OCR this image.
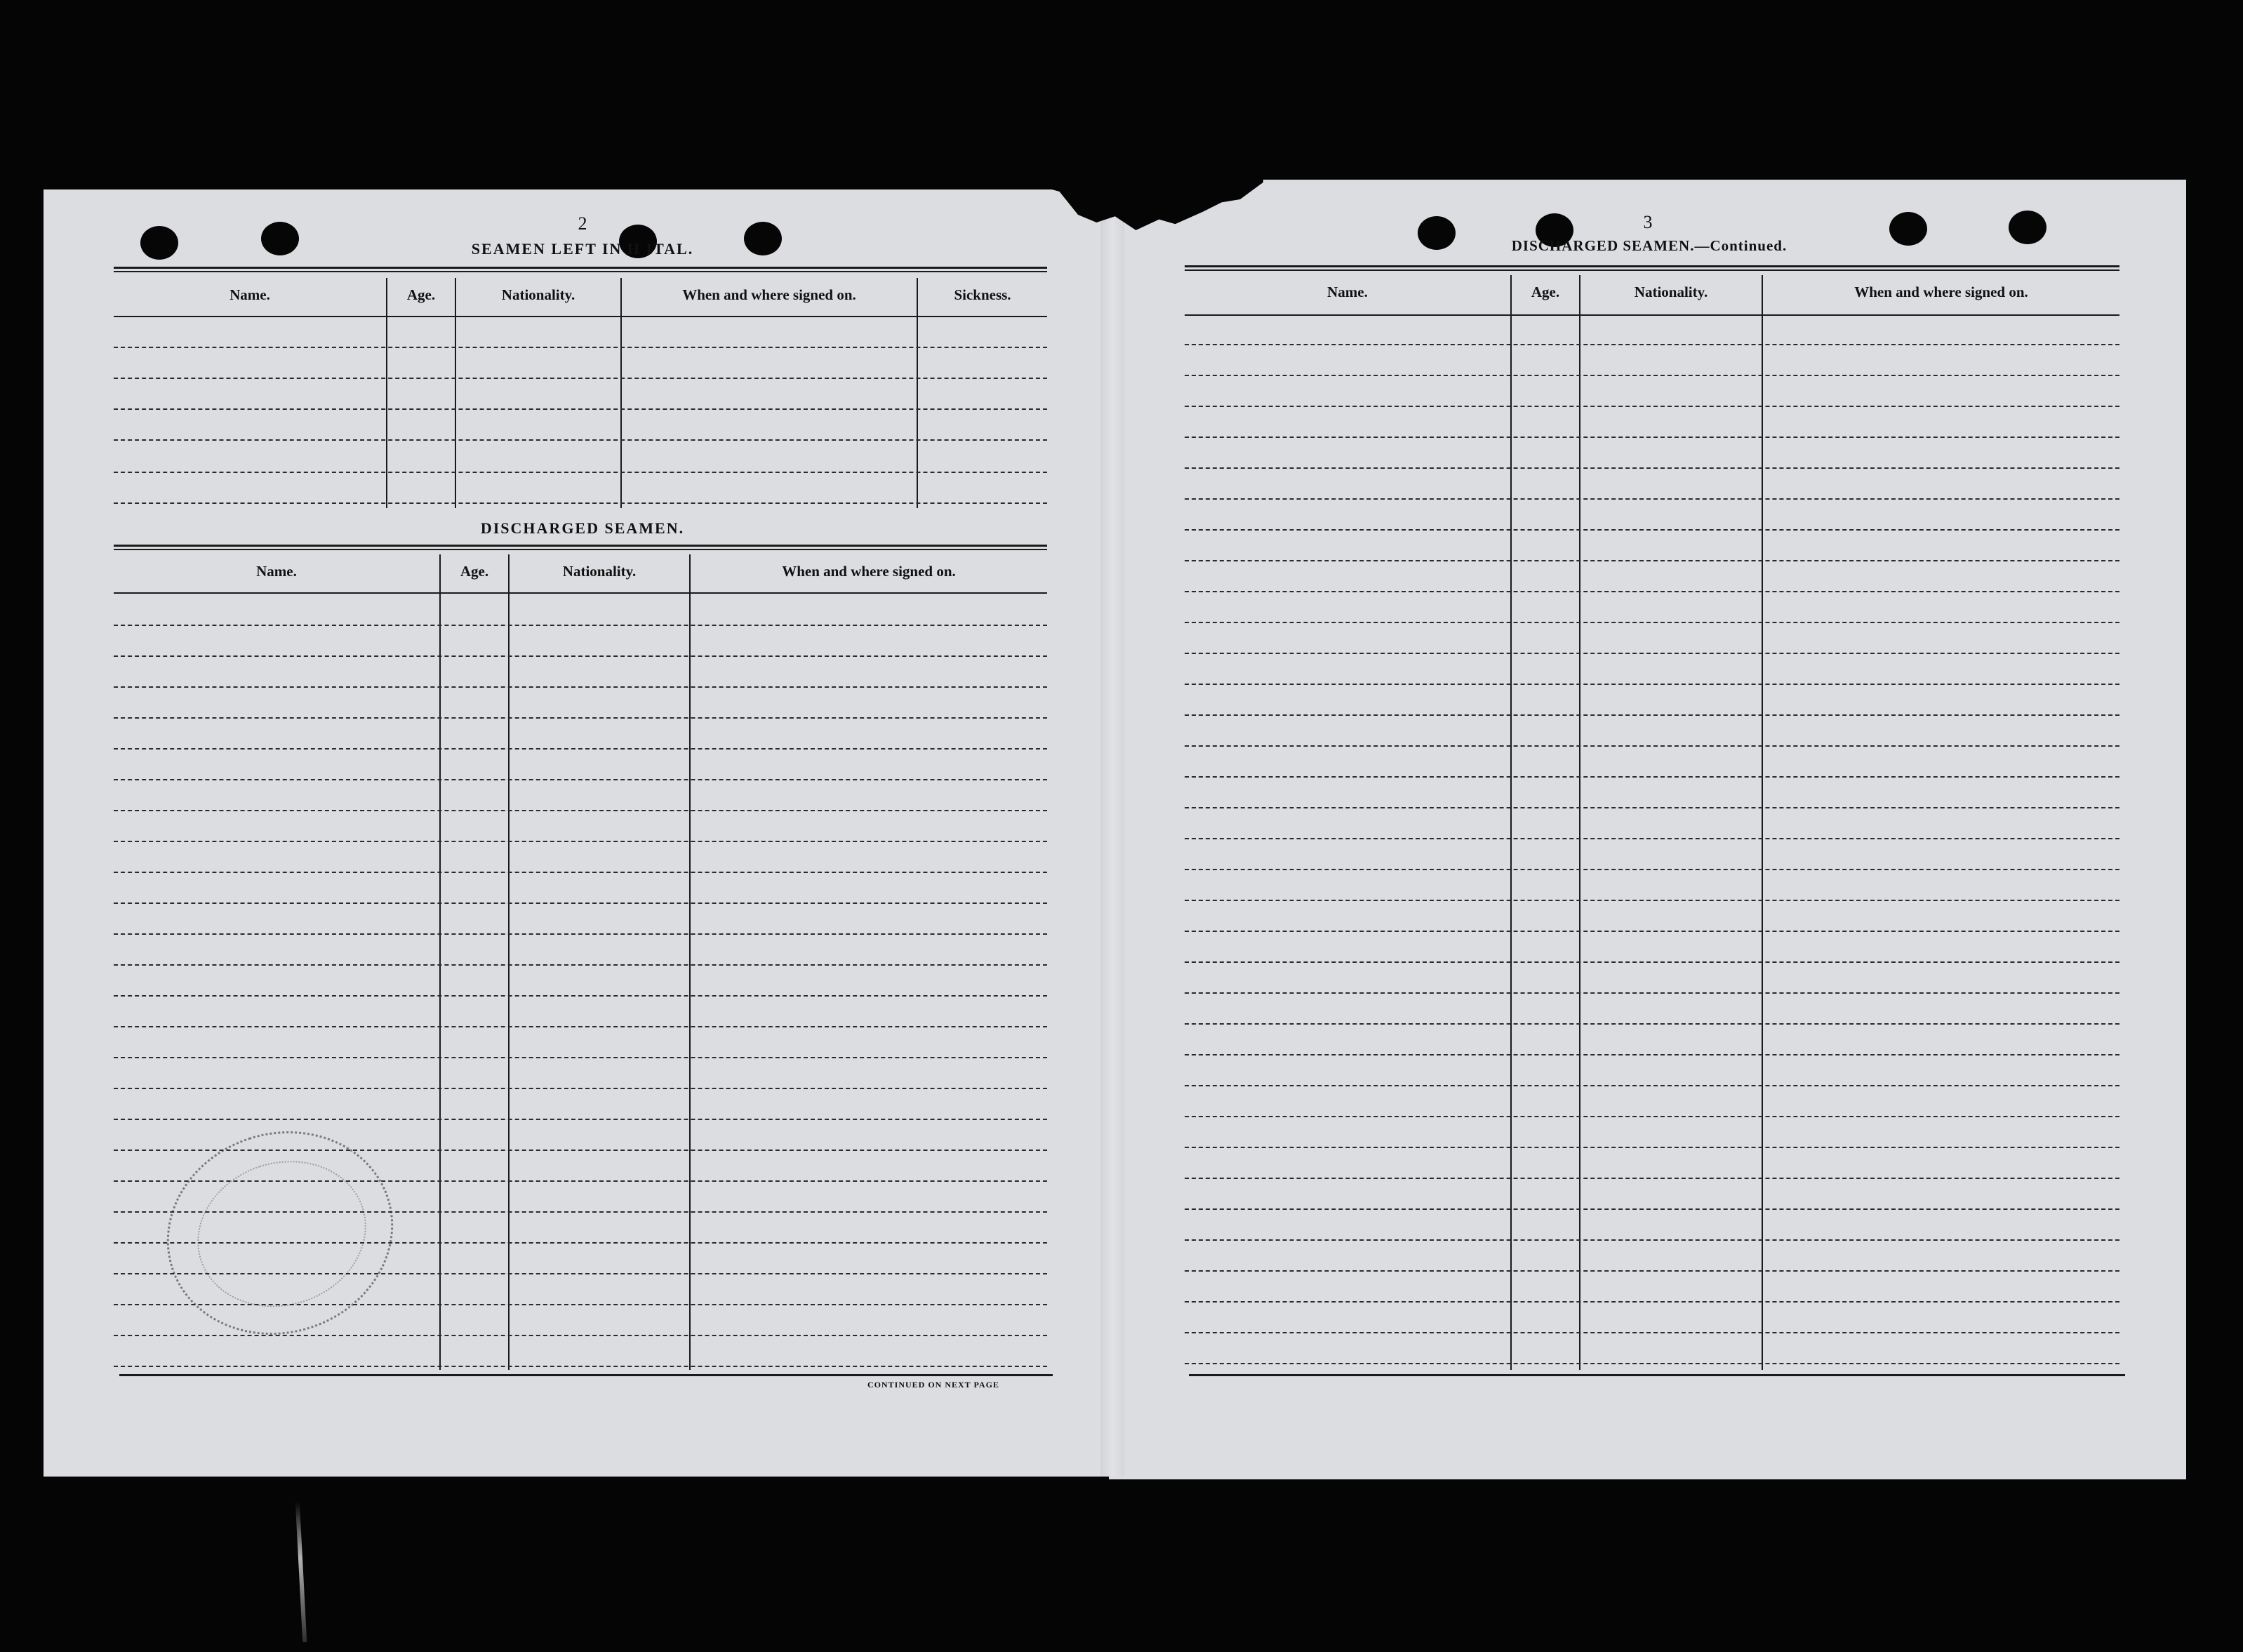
2
SEAMEN LEFT IN H ITAL.
Name.	Age.	Nationality.	When and where signed on.	Sickness.
DISCHARGED SEAMEN.
Name.	Age.	Nationality.	When and where signed on.
CONTINUED ON NEXT PAGE
3
DISCHARGED SEAMEN.—Continued.
Name.	Age.	Nationality.	When and where signed on.
